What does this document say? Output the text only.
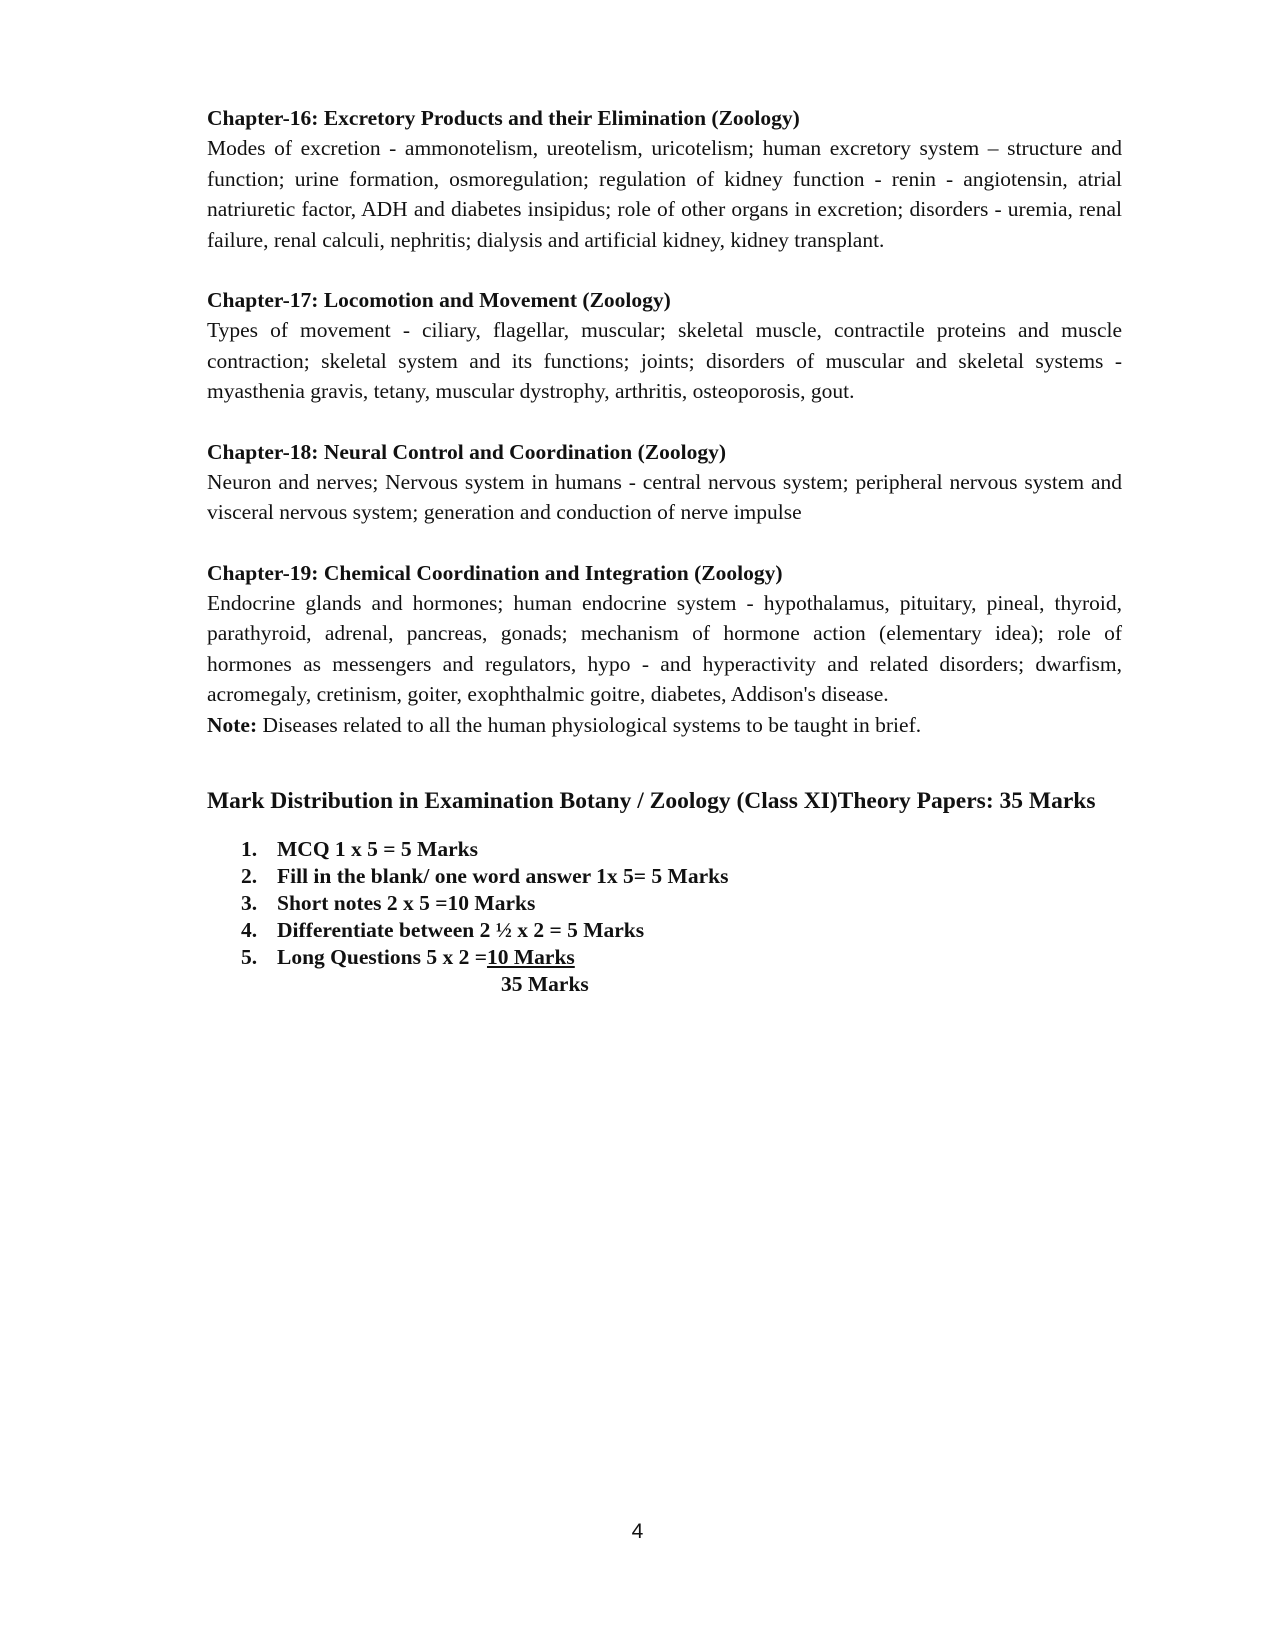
Chapter-16: Excretory Products and their Elimination (Zoology)

Modes of excretion - ammonotelism, ureotelism, uricotelism; human excretory system – structure and function; urine formation, osmoregulation; regulation of kidney function - renin - angiotensin, atrial natriuretic factor, ADH and diabetes insipidus; role of other organs in excretion; disorders - uremia, renal failure, renal calculi, nephritis; dialysis and artificial kidney, kidney transplant.

Chapter-17: Locomotion and Movement (Zoology)

Types of movement - ciliary, flagellar, muscular; skeletal muscle, contractile proteins and muscle contraction; skeletal system and its functions; joints; disorders of muscular and skeletal systems - myasthenia gravis, tetany, muscular dystrophy, arthritis, osteoporosis, gout.

Chapter-18: Neural Control and Coordination (Zoology)

Neuron and nerves; Nervous system in humans - central nervous system; peripheral nervous system and visceral nervous system; generation and conduction of nerve impulse

Chapter-19: Chemical Coordination and Integration (Zoology)

Endocrine glands and hormones; human endocrine system - hypothalamus, pituitary, pineal, thyroid, parathyroid, adrenal, pancreas, gonads; mechanism of hormone action (elementary idea); role of hormones as messengers and regulators, hypo - and hyperactivity and related disorders; dwarfism, acromegaly, cretinism, goiter, exophthalmic goitre, diabetes, Addison's disease.

Note: Diseases related to all the human physiological systems to be taught in brief.

Mark Distribution in Examination Botany / Zoology (Class XI)Theory Papers: 35 Marks
1. MCQ 1 x 5 = 5 Marks
2. Fill in the blank/ one word answer 1x 5= 5 Marks
3. Short notes 2 x 5 =10 Marks
4. Differentiate between 2 ½ x 2 = 5 Marks
5. Long Questions 5 x 2 =10 Marks
35 Marks
4
